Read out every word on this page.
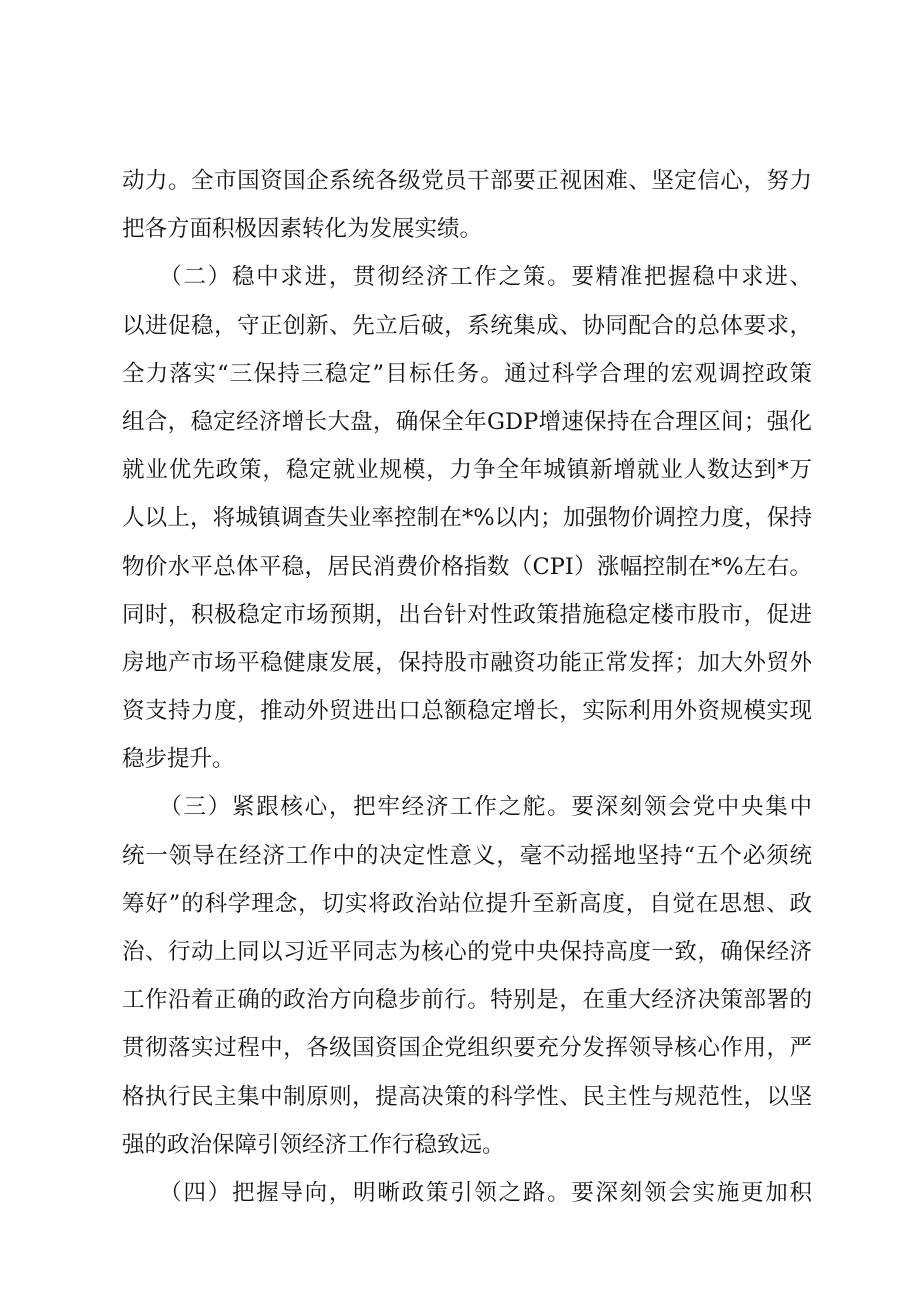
动力。全市国资国企系统各级党员干部要正视困难、坚定信心，努力
把各方面积极因素转化为发展实绩。
　　（二）稳中求进，贯彻经济工作之策。要精准把握稳中求进、
以进促稳，守正创新、先立后破，系统集成、协同配合的总体要求，
全力落实“三保持三稳定”目标任务。通过科学合理的宏观调控政策
组合，稳定经济增长大盘，确保全年GDP增速保持在合理区间；强化
就业优先政策，稳定就业规模，力争全年城镇新增就业人数达到*万
人以上，将城镇调查失业率控制在*%以内；加强物价调控力度，保持
物价水平总体平稳，居民消费价格指数（CPI）涨幅控制在*%左右。
同时，积极稳定市场预期，出台针对性政策措施稳定楼市股市，促进
房地产市场平稳健康发展，保持股市融资功能正常发挥；加大外贸外
资支持力度，推动外贸进出口总额稳定增长，实际利用外资规模实现
稳步提升。
　　（三）紧跟核心，把牢经济工作之舵。要深刻领会党中央集中
统一领导在经济工作中的决定性意义，毫不动摇地坚持“五个必须统
筹好”的科学理念，切实将政治站位提升至新高度，自觉在思想、政
治、行动上同以习近平同志为核心的党中央保持高度一致，确保经济
工作沿着正确的政治方向稳步前行。特别是，在重大经济决策部署的
贯彻落实过程中，各级国资国企党组织要充分发挥领导核心作用，严
格执行民主集中制原则，提高决策的科学性、民主性与规范性，以坚
强的政治保障引领经济工作行稳致远。
　　（四）把握导向，明晰政策引领之路。要深刻领会实施更加积
